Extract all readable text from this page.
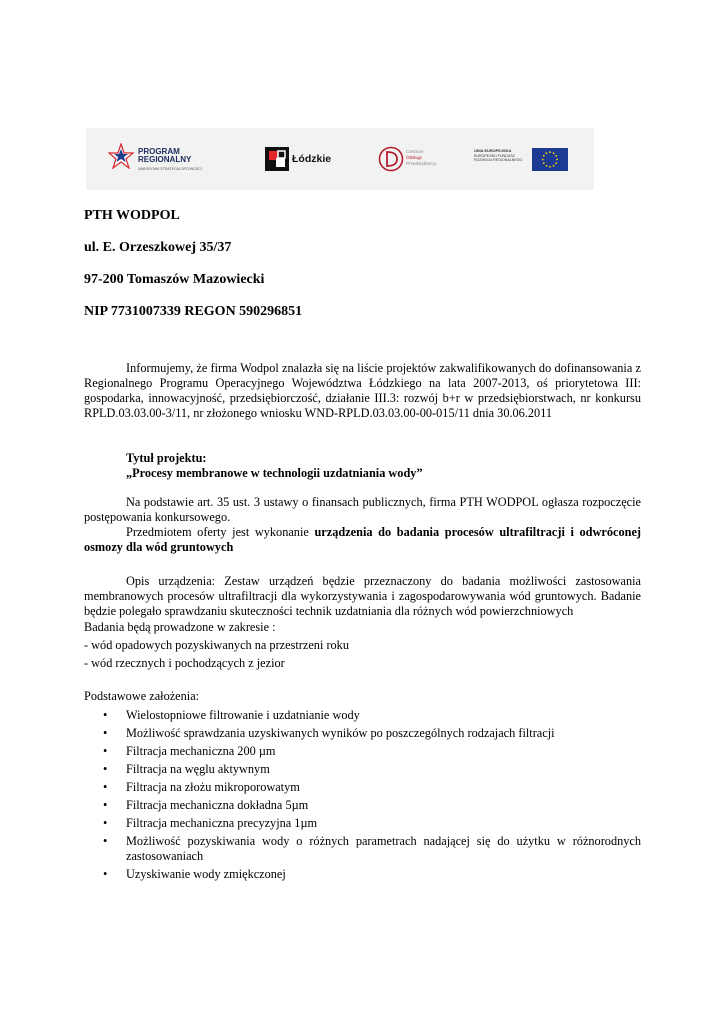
PROGRAM
REGIONALNY
NARODOWA STRATEGIA SPÓJNOŚCI
Łódzkie
Centrum
Obsługi
Przedsiębiorcy
UNIA EUROPEJSKA
EUROPEJSKI FUNDUSZ
ROZWOJU REGIONALNEGO
PTH WODPOL
ul. E. Orzeszkowej 35/37
97-200 Tomaszów Mazowiecki
NIP 7731007339 REGON 590296851

Informujemy, że firma Wodpol znalazła się na liście projektów zakwalifikowanych do dofinansowania z Regionalnego Programu Operacyjnego Województwa Łódzkiego na lata 2007-2013, oś priorytetowa III: gospodarka, innowacyjność, przedsiębiorczość, działanie III.3: rozwój b+r w przedsiębiorstwach, nr konkursu RPLD.03.03.00-3/11, nr złożonego wniosku WND-RPLD.03.03.00-00-015/11 dnia 30.06.2011

Tytuł projektu:
„Procesy membranowe w technologii uzdatniania wody”

Na podstawie art. 35 ust. 3 ustawy o finansach publicznych, firma PTH WODPOL ogłasza rozpoczęcie postępowania konkursowego.

Przedmiotem oferty jest wykonanie urządzenia do badania procesów ultrafiltracji i odwróconej osmozy dla wód gruntowych

Opis urządzenia: Zestaw urządzeń będzie przeznaczony do badania możliwości zastosowania membranowych procesów ultrafiltracji dla wykorzystywania i zagospodarowywania wód gruntowych. Badanie będzie polegało sprawdzaniu skuteczności technik uzdatniania dla różnych wód powierzchniowych

Badania będą prowadzone w zakresie :
- wód opadowych pozyskiwanych na przestrzeni roku
- wód rzecznych i pochodzących z jezior
Podstawowe założenia:
• Wielostopniowe filtrowanie i uzdatnianie wody
• Możliwość sprawdzania uzyskiwanych wyników po poszczególnych rodzajach filtracji
• Filtracja mechaniczna 200 µm
• Filtracja na węglu aktywnym
• Filtracja na złożu mikroporowatym
• Filtracja mechaniczna dokładna 5µm
• Filtracja mechaniczna precyzyjna 1µm
• Możliwość pozyskiwania wody o różnych parametrach nadającej się do użytku w różnorodnych zastosowaniach
• Uzyskiwanie wody zmiękczonej
